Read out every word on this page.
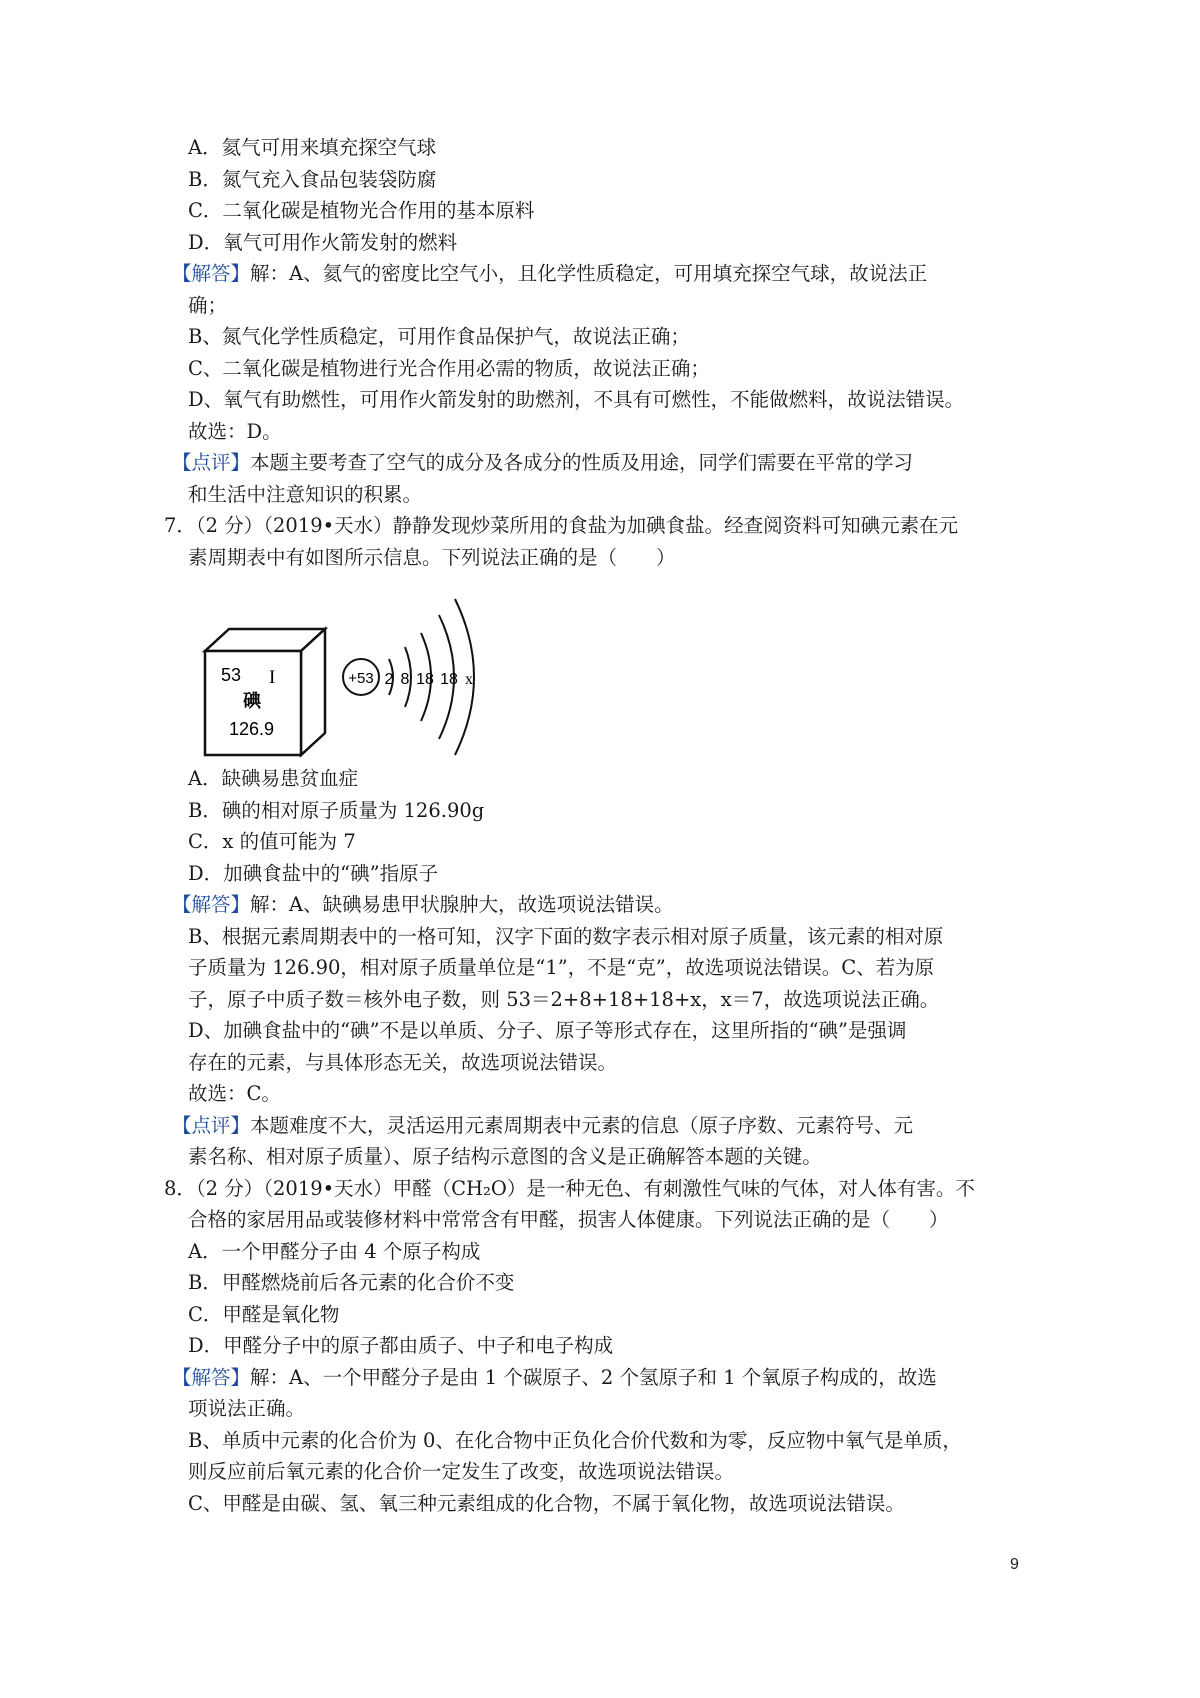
A．氦气可用来填充探空气球
B．氮气充入食品包装袋防腐
C．二氧化碳是植物光合作用的基本原料
D．氧气可用作火箭发射的燃料
【解答】解：A、氦气的密度比空气小，且化学性质稳定，可用填充探空气球，故说法正
确；
B、氮气化学性质稳定，可用作食品保护气，故说法正确；
C、二氧化碳是植物进行光合作用必需的物质，故说法正确；
D、氧气有助燃性，可用作火箭发射的助燃剂，不具有可燃性，不能做燃料，故说法错误。
故选：D。
【点评】本题主要考查了空气的成分及各成分的性质及用途，同学们需要在平常的学习
和生活中注意知识的积累。
7．（2 分）（2019•天水）静静发现炒菜所用的食盐为加碘食盐。经查阅资料可知碘元素在元
素周期表中有如图所示信息。下列说法正确的是（　　）
53 I
碘
126.9
+53 2 8 18 18 x
A．缺碘易患贫血症
B．碘的相对原子质量为 126.90g
C．x 的值可能为 7
D．加碘食盐中的“碘”指原子
【解答】解：A、缺碘易患甲状腺肿大，故选项说法错误。
B、根据元素周期表中的一格可知，汉字下面的数字表示相对原子质量，该元素的相对原
子质量为 126.90，相对原子质量单位是“1”，不是“克”，故选项说法错误。C、若为原
子，原子中质子数＝核外电子数，则 53＝2+8+18+18+x，x＝7，故选项说法正确。
D、加碘食盐中的“碘”不是以单质、分子、原子等形式存在，这里所指的“碘”是强调
存在的元素，与具体形态无关，故选项说法错误。
故选：C。
【点评】本题难度不大，灵活运用元素周期表中元素的信息（原子序数、元素符号、元
素名称、相对原子质量）、原子结构示意图的含义是正确解答本题的关键。
8．（2 分）（2019•天水）甲醛（CH₂O）是一种无色、有刺激性气味的气体，对人体有害。不
合格的家居用品或装修材料中常常含有甲醛，损害人体健康。下列说法正确的是（　　）
A．一个甲醛分子由 4 个原子构成
B．甲醛燃烧前后各元素的化合价不变
C．甲醛是氧化物
D．甲醛分子中的原子都由质子、中子和电子构成
【解答】解：A、一个甲醛分子是由 1 个碳原子、2 个氢原子和 1 个氧原子构成的，故选
项说法正确。
B、单质中元素的化合价为 0、在化合物中正负化合价代数和为零，反应物中氧气是单质，
则反应前后氧元素的化合价一定发生了改变，故选项说法错误。
C、甲醛是由碳、氢、氧三种元素组成的化合物，不属于氧化物，故选项说法错误。
9
